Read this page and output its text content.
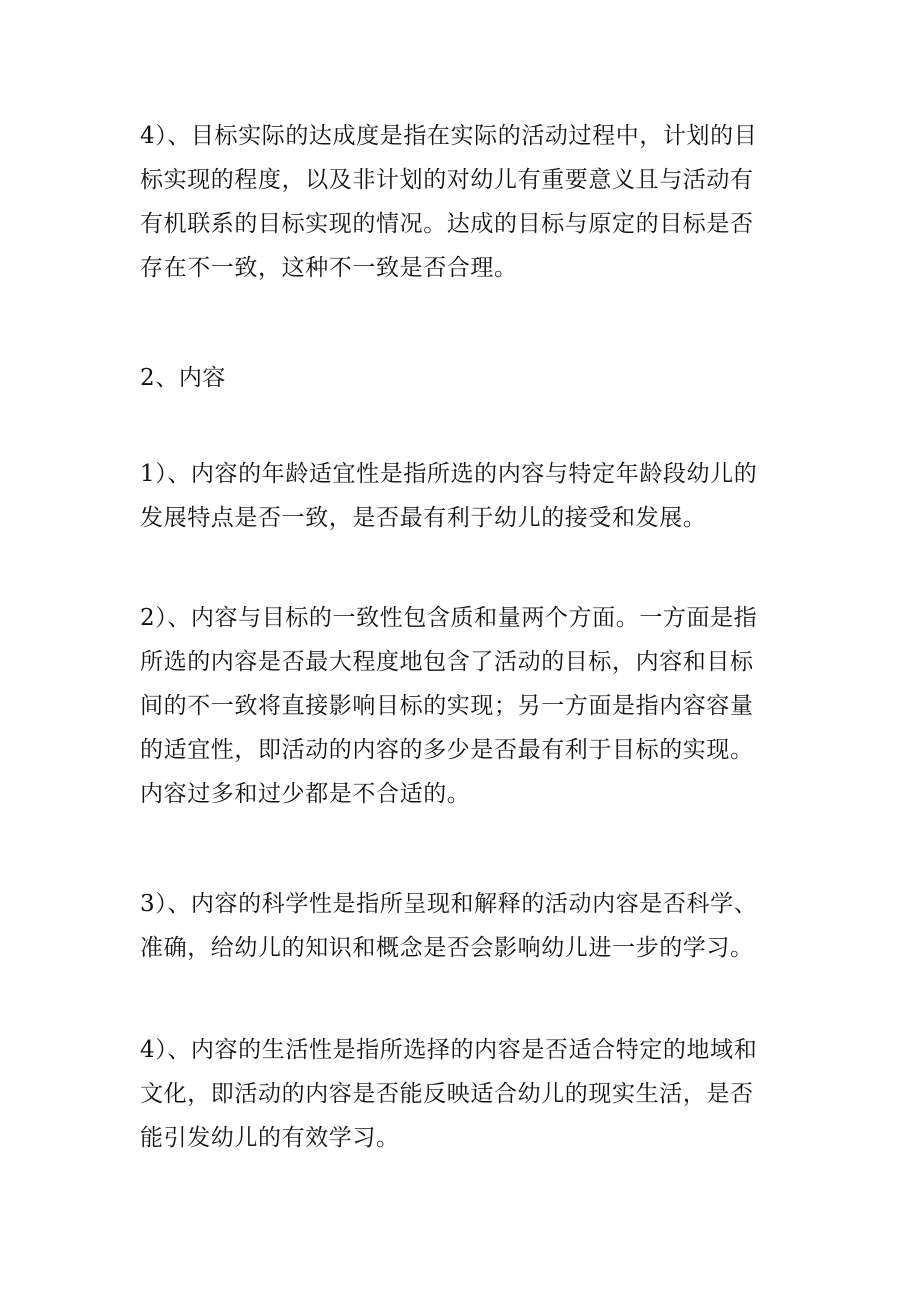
4）、目标实际的达成度是指在实际的活动过程中，计划的目
标实现的程度，以及非计划的对幼儿有重要意义且与活动有
有机联系的目标实现的情况。达成的目标与原定的目标是否
存在不一致，这种不一致是否合理。
2、内容
1）、内容的年龄适宜性是指所选的内容与特定年龄段幼儿的
发展特点是否一致，是否最有利于幼儿的接受和发展。
2）、内容与目标的一致性包含质和量两个方面。一方面是指
所选的内容是否最大程度地包含了活动的目标，内容和目标
间的不一致将直接影响目标的实现；另一方面是指内容容量
的适宜性，即活动的内容的多少是否最有利于目标的实现。
内容过多和过少都是不合适的。
3）、内容的科学性是指所呈现和解释的活动内容是否科学、
准确，给幼儿的知识和概念是否会影响幼儿进一步的学习。
4）、内容的生活性是指所选择的内容是否适合特定的地域和
文化，即活动的内容是否能反映适合幼儿的现实生活，是否
能引发幼儿的有效学习。
